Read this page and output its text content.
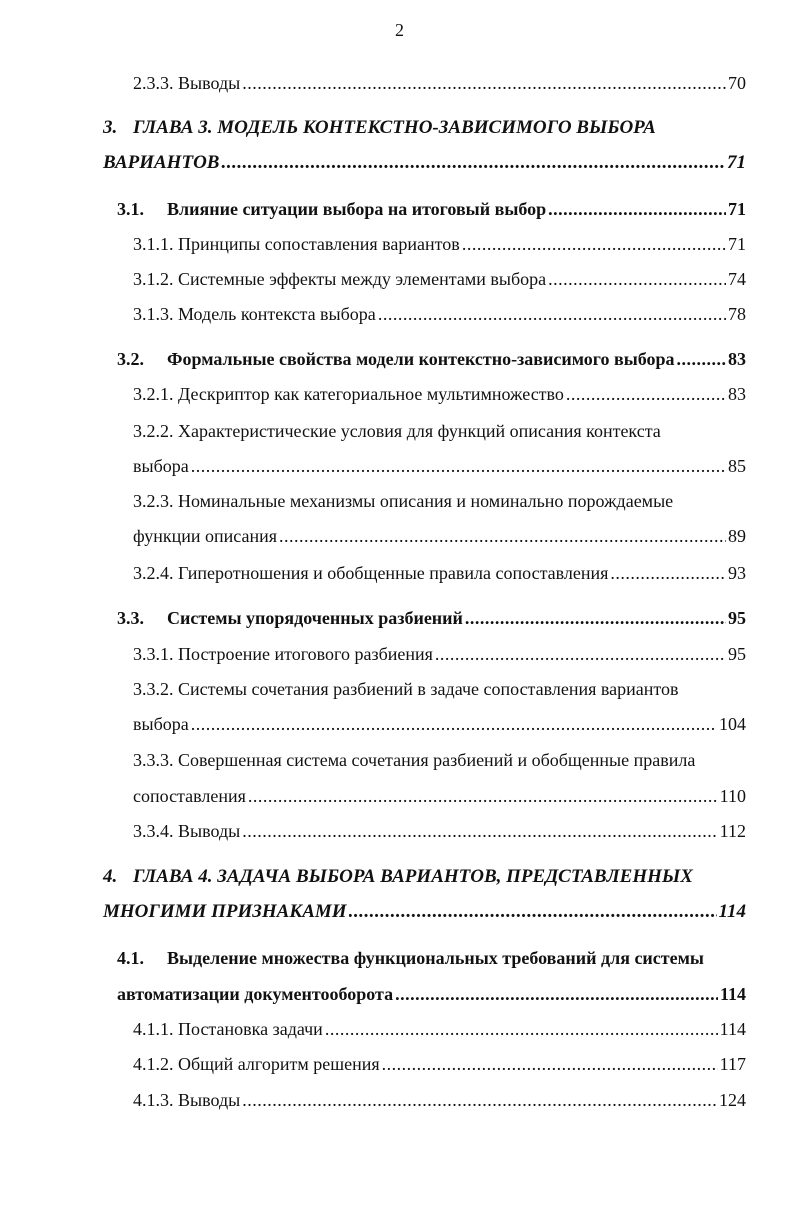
2
2.3.3. Выводы .....	70
3. ГЛАВА 3. МОДЕЛЬ КОНТЕКСТНО-ЗАВИСИМОГО ВЫБОРА
ВАРИАНТОВ .....	71
3.1. Влияние ситуации выбора на итоговый выбор .....	71
3.1.1. Принципы сопоставления вариантов .....	71
3.1.2. Системные эффекты между элементами выбора .....	74
3.1.3. Модель контекста выбора .....	78
3.2. Формальные свойства модели контекстно-зависимого выбора .....	83
3.2.1. Дескриптор как категориальное мультимножество .....	83
3.2.2. Характеристические условия для функций описания контекста
выбора .....	85
3.2.3. Номинальные механизмы описания и номинально порождаемые
функции описания .....	89
3.2.4. Гиперотношения и обобщенные правила сопоставления .....	93
3.3. Системы упорядоченных разбиений .....	95
3.3.1. Построение итогового разбиения .....	95
3.3.2. Системы сочетания разбиений в задаче сопоставления вариантов
выбора .....	104
3.3.3. Совершенная система сочетания разбиений и обобщенные правила
сопоставления .....	110
3.3.4. Выводы .....	112
4. ГЛАВА 4. ЗАДАЧА ВЫБОРА ВАРИАНТОВ, ПРЕДСТАВЛЕННЫХ
МНОГИМИ ПРИЗНАКАМИ .....	114
4.1. Выделение множества функциональных требований для системы
автоматизации документооборота .....	114
4.1.1. Постановка задачи .....	114
4.1.2. Общий алгоритм решения .....	117
4.1.3. Выводы .....	124
